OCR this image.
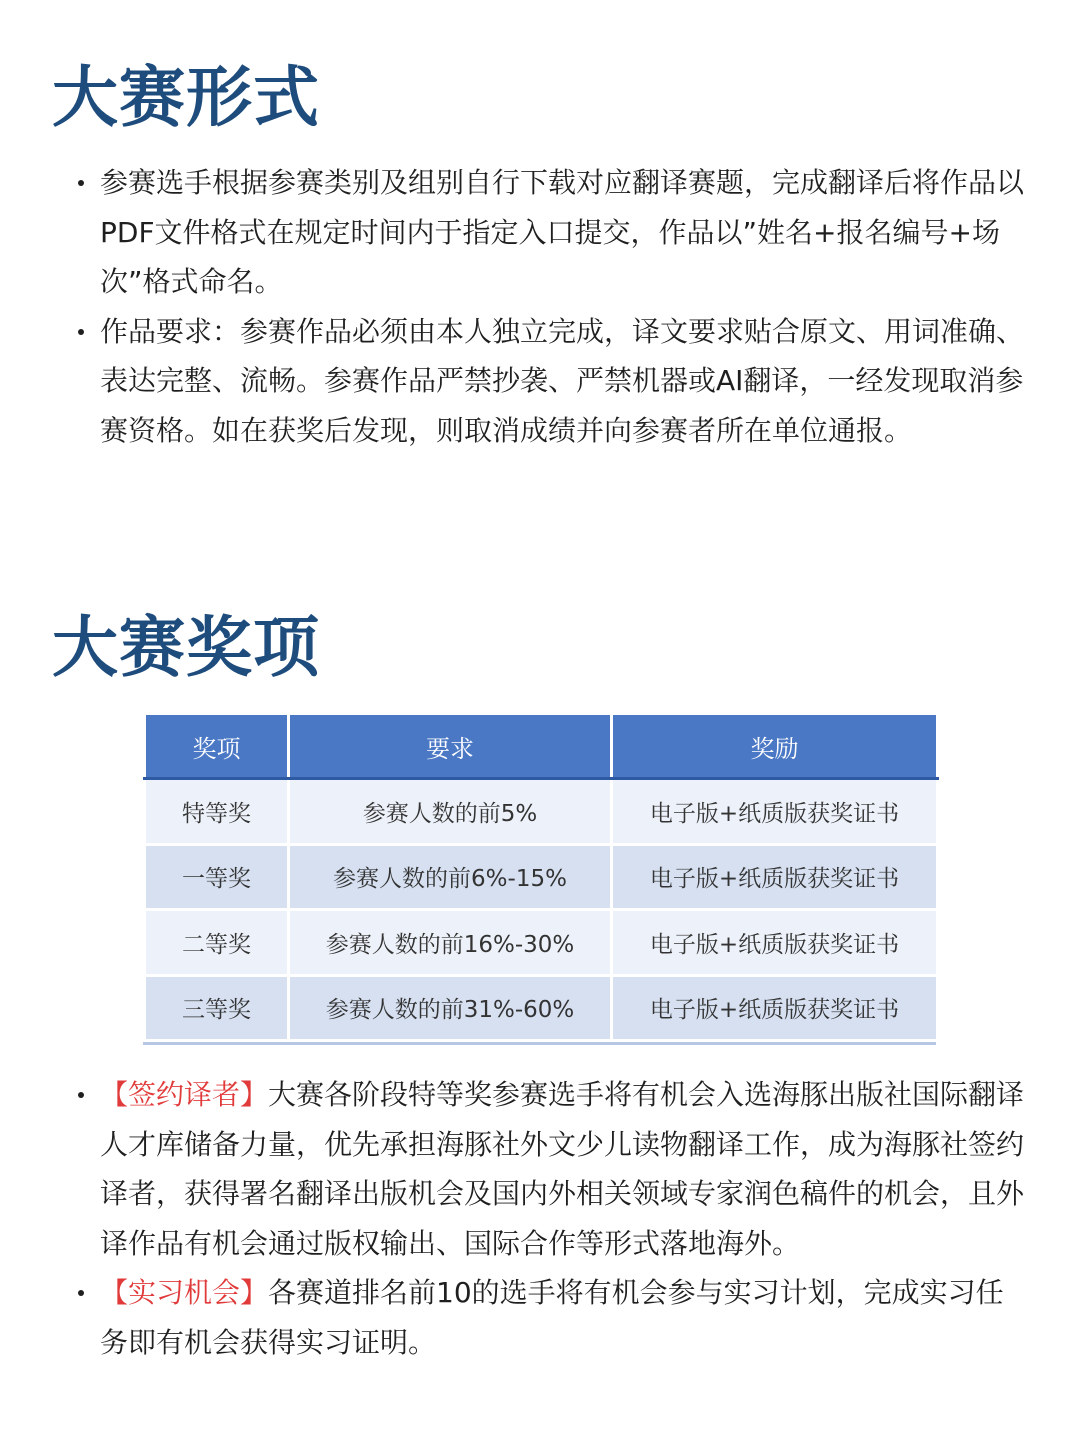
大赛形式
参赛选手根据参赛类别及组别自行下载对应翻译赛题，完成翻译后将作品以PDF文件格式在规定时间内于指定入口提交，作品以”姓名+报名编号+场次”格式命名。
作品要求：参赛作品必须由本人独立完成，译文要求贴合原文、用词准确、表达完整、流畅。参赛作品严禁抄袭、严禁机器或AI翻译，一经发现取消参赛资格。如在获奖后发现，则取消成绩并向参赛者所在单位通报。
大赛奖项
奖项	要求	奖励
特等奖	参赛人数的前5%	电子版+纸质版获奖证书
一等奖	参赛人数的前6%-15%	电子版+纸质版获奖证书
二等奖	参赛人数的前16%-30%	电子版+纸质版获奖证书
三等奖	参赛人数的前31%-60%	电子版+纸质版获奖证书
【签约译者】大赛各阶段特等奖参赛选手将有机会入选海豚出版社国际翻译人才库储备力量，优先承担海豚社外文少儿读物翻译工作，成为海豚社签约译者，获得署名翻译出版机会及国内外相关领域专家润色稿件的机会，且外译作品有机会通过版权输出、国际合作等形式落地海外。
【实习机会】各赛道排名前10的选手将有机会参与实习计划，完成实习任务即有机会获得实习证明。
